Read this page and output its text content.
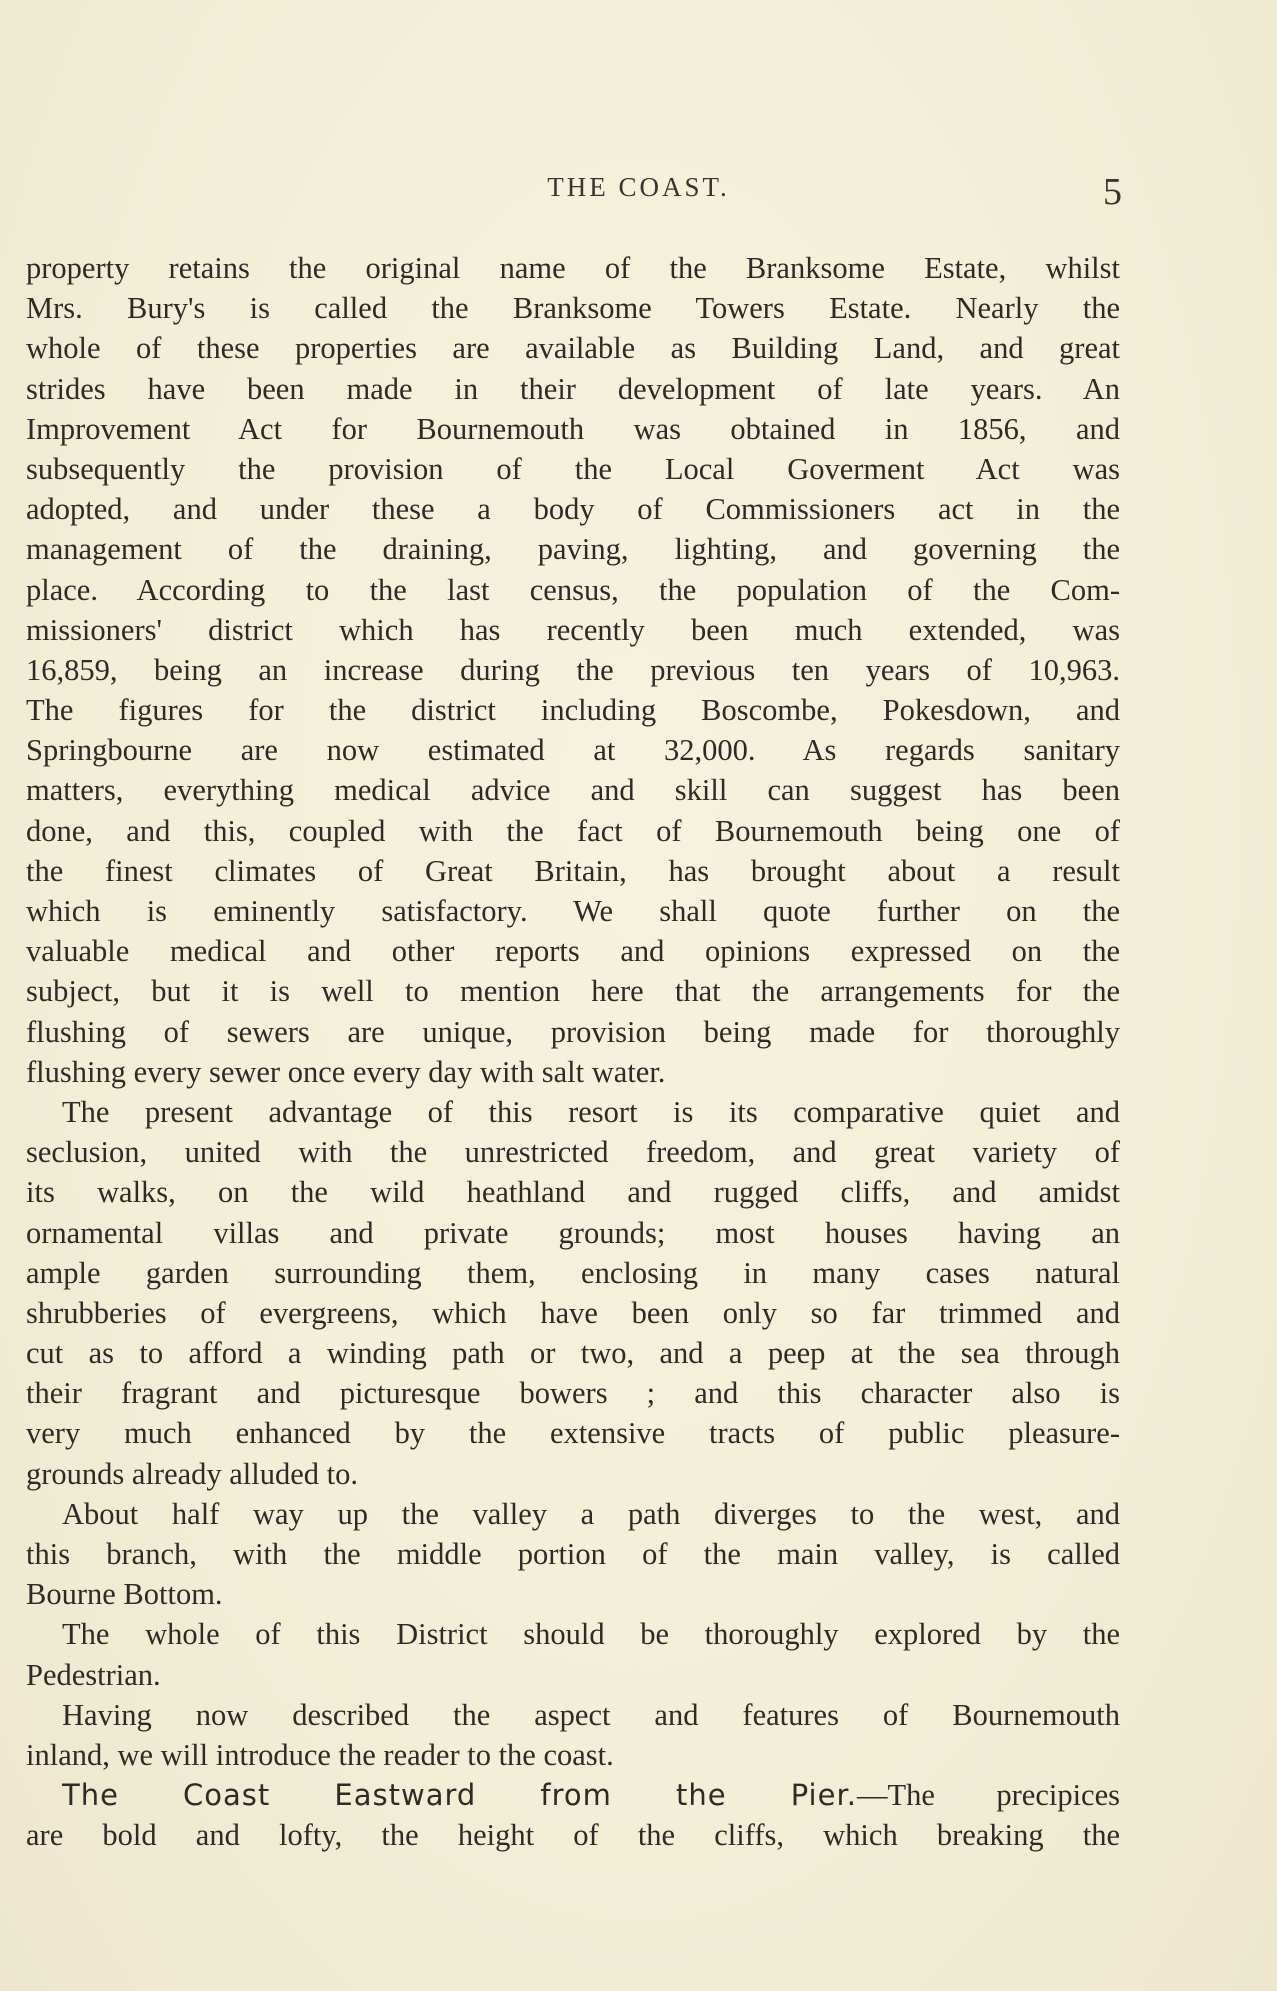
THE COAST.	5
property retains the original name of the Branksome Estate, whilst
Mrs. Bury's is called the Branksome Towers Estate. Nearly the
whole of these properties are available as Building Land, and great
strides have been made in their development of late years. An
Improvement Act for Bournemouth was obtained in 1856, and
subsequently the provision of the Local Goverment Act was
adopted, and under these a body of Commissioners act in the
management of the draining, paving, lighting, and governing the
place. According to the last census, the population of the Com-
missioners' district which has recently been much extended, was
16,859, being an increase during the previous ten years of 10,963.
The figures for the district including Boscombe, Pokesdown, and
Springbourne are now estimated at 32,000. As regards sanitary
matters, everything medical advice and skill can suggest has been
done, and this, coupled with the fact of Bournemouth being one of
the finest climates of Great Britain, has brought about a result
which is eminently satisfactory. We shall quote further on the
valuable medical and other reports and opinions expressed on the
subject, but it is well to mention here that the arrangements for the
flushing of sewers are unique, provision being made for thoroughly
flushing every sewer once every day with salt water.
The present advantage of this resort is its comparative quiet and
seclusion, united with the unrestricted freedom, and great variety of
its walks, on the wild heathland and rugged cliffs, and amidst
ornamental villas and private grounds; most houses having an
ample garden surrounding them, enclosing in many cases natural
shrubberies of evergreens, which have been only so far trimmed and
cut as to afford a winding path or two, and a peep at the sea through
their fragrant and picturesque bowers ; and this character also is
very much enhanced by the extensive tracts of public pleasure-
grounds already alluded to.
About half way up the valley a path diverges to the west, and
this branch, with the middle portion of the main valley, is called
Bourne Bottom.
The whole of this District should be thoroughly explored by the
Pedestrian.
Having now described the aspect and features of Bournemouth
inland, we will introduce the reader to the coast.
The Coast Eastward from the Pier.—The precipices
are bold and lofty, the height of the cliffs, which breaking the
